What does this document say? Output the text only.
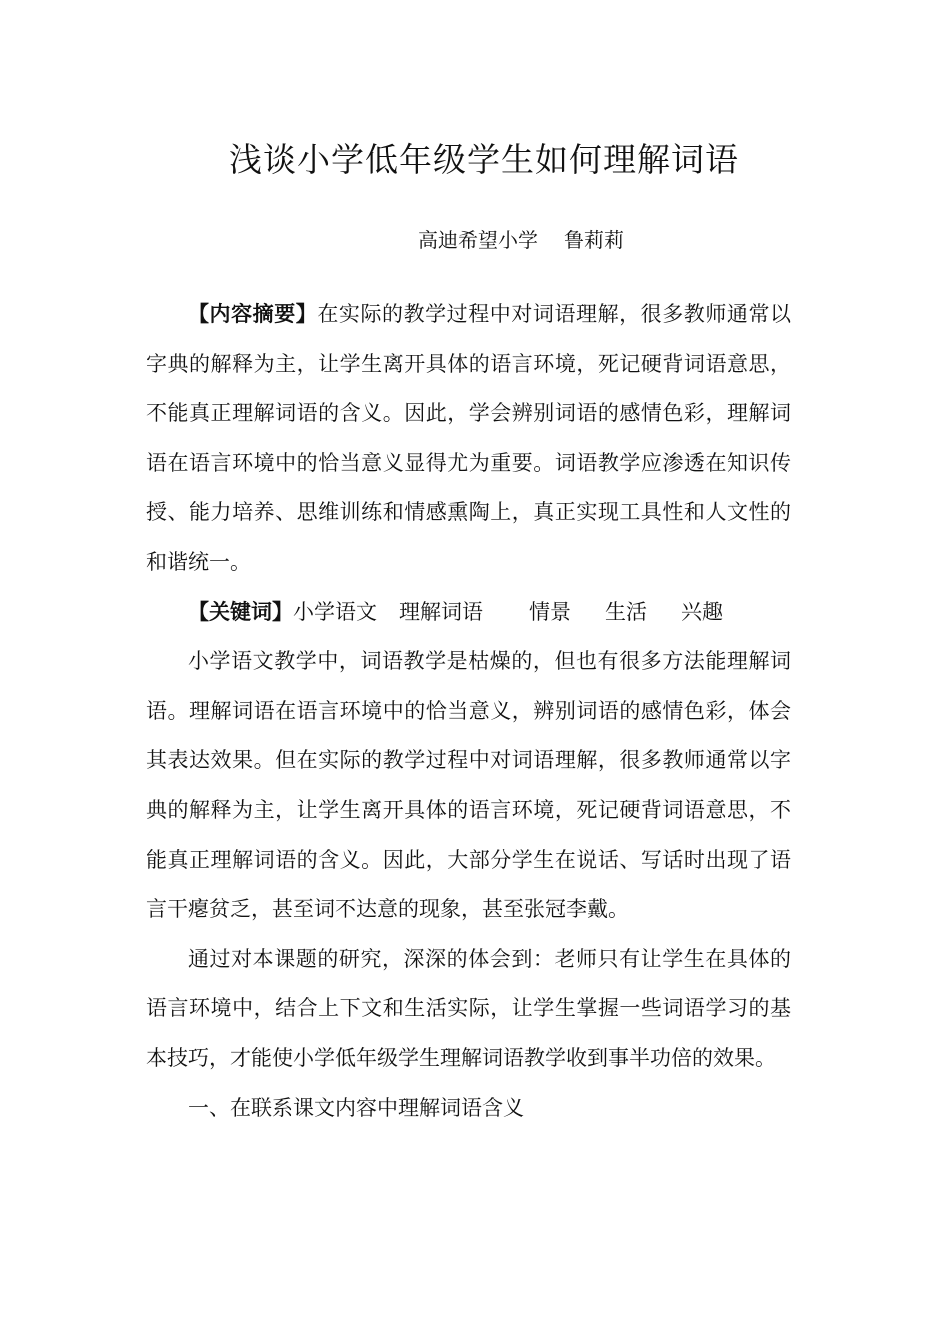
浅谈小学低年级学生如何理解词语
高迪希望小学 鲁莉莉

【内容摘要】在实际的教学过程中对词语理解，很多教师通常以字典的解释为主，让学生离开具体的语言环境，死记硬背词语意思，不能真正理解词语的含义。因此，学会辨别词语的感情色彩，理解词语在语言环境中的恰当意义显得尤为重要。词语教学应渗透在知识传授、能力培养、思维训练和情感熏陶上，真正实现工具性和人文性的和谐统一。

【关键词】小学语文 理解词语 情景 生活 兴趣

小学语文教学中，词语教学是枯燥的，但也有很多方法能理解词语。理解词语在语言环境中的恰当意义，辨别词语的感情色彩，体会其表达效果。但在实际的教学过程中对词语理解，很多教师通常以字典的解释为主，让学生离开具体的语言环境，死记硬背词语意思，不能真正理解词语的含义。因此，大部分学生在说话、写话时出现了语言干瘪贫乏，甚至词不达意的现象，甚至张冠李戴。

通过对本课题的研究，深深的体会到：老师只有让学生在具体的语言环境中，结合上下文和生活实际，让学生掌握一些词语学习的基本技巧，才能使小学低年级学生理解词语教学收到事半功倍的效果。

一、在联系课文内容中理解词语含义
